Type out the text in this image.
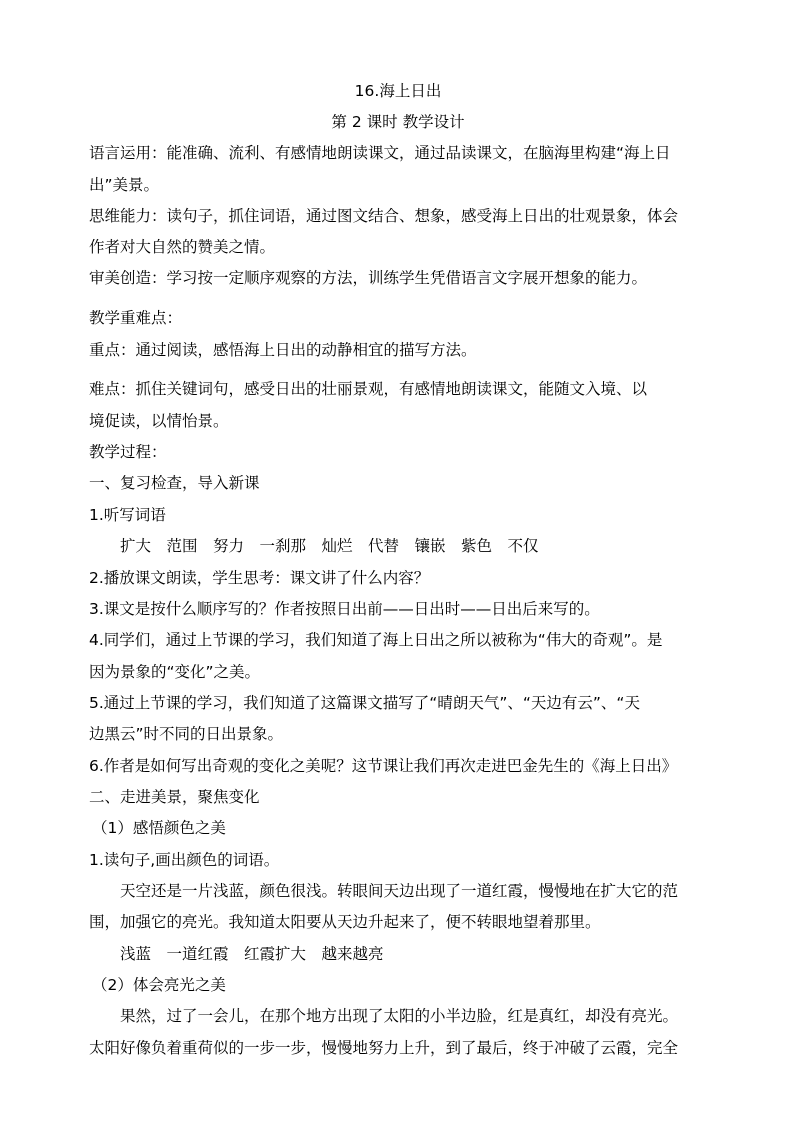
16.海上日出
第 2 课时 教学设计
语言运用：能准确、流利、有感情地朗读课文，通过品读课文，在脑海里构建“海上日
出”美景。
思维能力：读句子，抓住词语，通过图文结合、想象，感受海上日出的壮观景象，体会
作者对大自然的赞美之情。
审美创造：学习按一定顺序观察的方法，训练学生凭借语言文字展开想象的能力。
教学重难点：
重点：通过阅读，感悟海上日出的动静相宜的描写方法。
难点：抓住关键词句，感受日出的壮丽景观，有感情地朗读课文，能随文入境、以
境促读，以情怡景。
教学过程：
一、复习检查，导入新课
1.听写词语
扩大　范围　努力　一刹那　灿烂　代替　镶嵌　紫色　不仅
2.播放课文朗读，学生思考：课文讲了什么内容？
3.课文是按什么顺序写的？作者按照日出前——日出时——日出后来写的。
4.同学们，通过上节课的学习，我们知道了海上日出之所以被称为“伟大的奇观”。是
因为景象的“变化”之美。
5.通过上节课的学习，我们知道了这篇课文描写了“晴朗天气”、“天边有云”、“天
边黑云”时不同的日出景象。
6.作者是如何写出奇观的变化之美呢？这节课让我们再次走进巴金先生的《海上日出》
二、走进美景，聚焦变化
（1）感悟颜色之美
1.读句子,画出颜色的词语。
天空还是一片浅蓝，颜色很浅。转眼间天边出现了一道红霞，慢慢地在扩大它的范
围，加强它的亮光。我知道太阳要从天边升起来了，便不转眼地望着那里。
浅蓝　一道红霞　红霞扩大　越来越亮
（2）体会亮光之美
果然，过了一会儿，在那个地方出现了太阳的小半边脸，红是真红，却没有亮光。
太阳好像负着重荷似的一步一步，慢慢地努力上升，到了最后，终于冲破了云霞，完全
